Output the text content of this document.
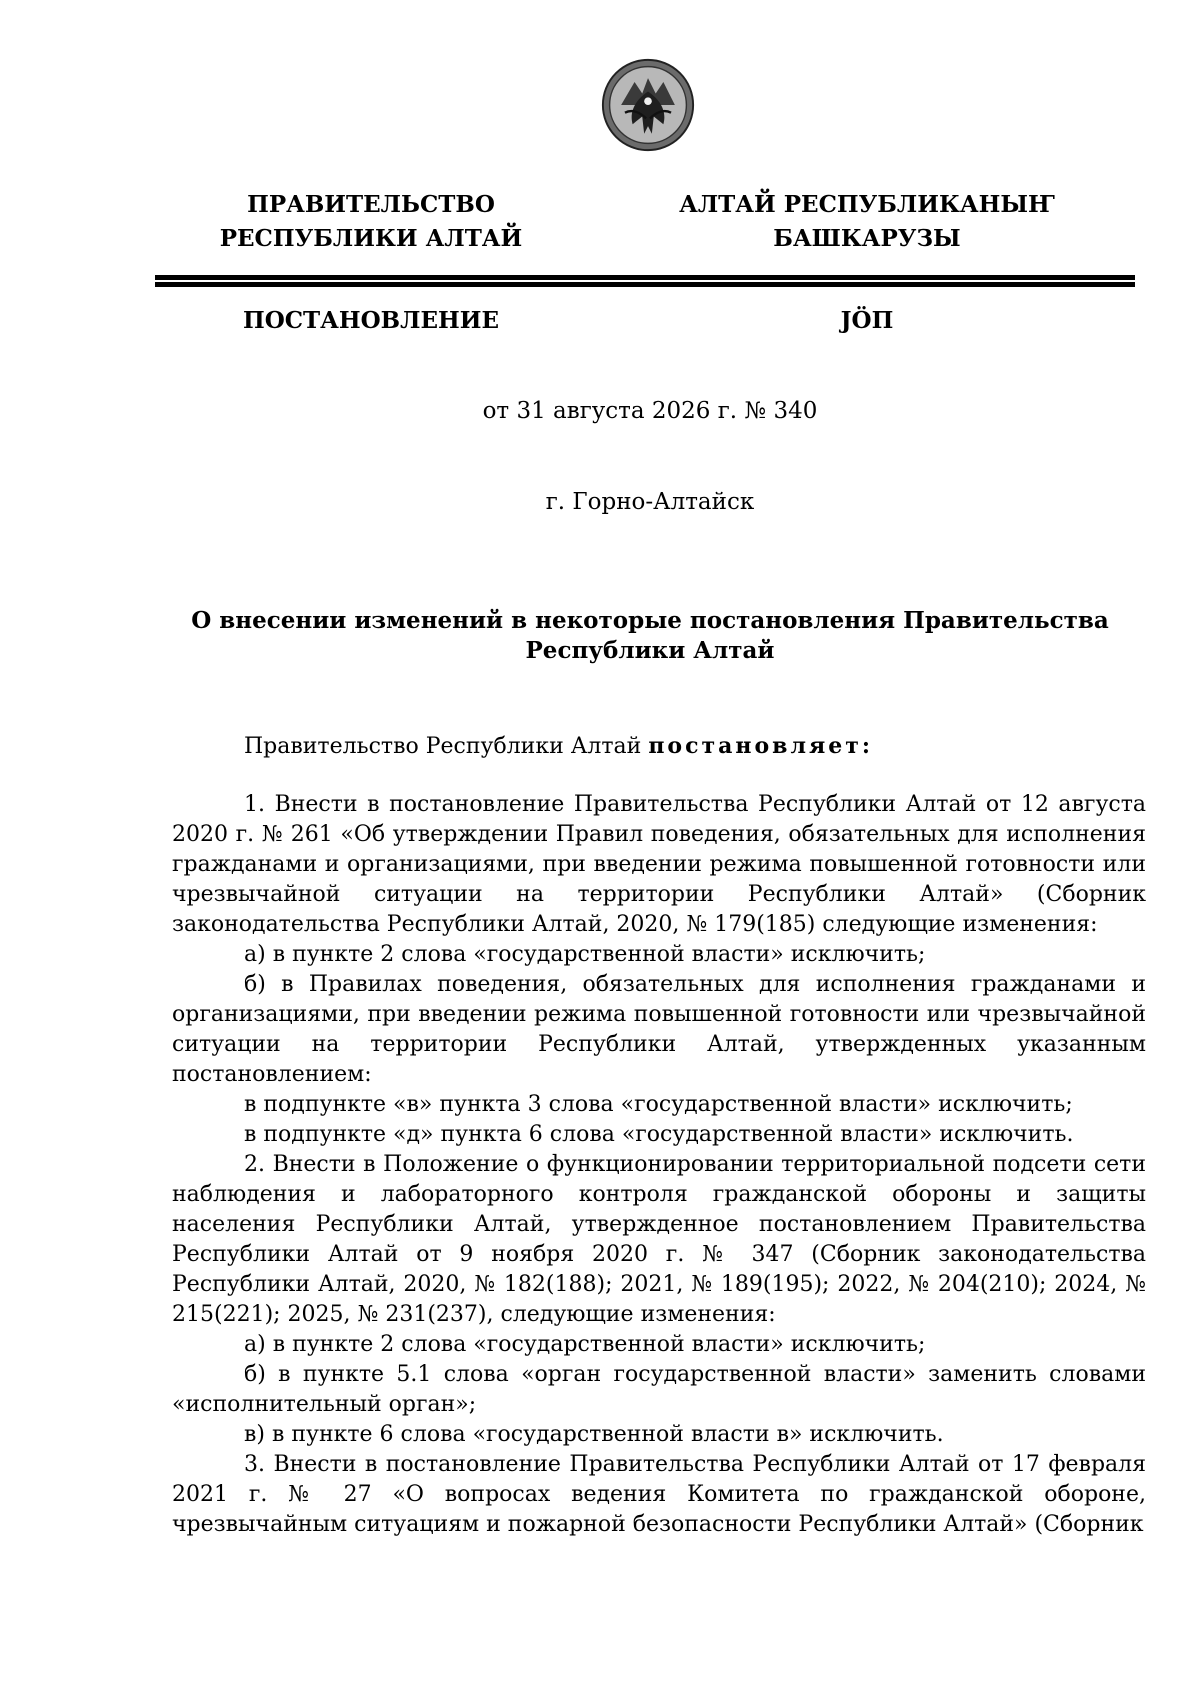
ПРАВИТЕЛЬСТВО
РЕСПУБЛИКИ АЛТАЙ
АЛТАЙ РЕСПУБЛИКАНЫҤ
БАШКАРУЗЫ
ПОСТАНОВЛЕНИЕ	ЈÖП
от 31 августа 2026 г. № 340
г. Горно-Алтайск
О внесении изменений в некоторые постановления Правительства
Республики Алтай

Правительство Республики Алтай постановляет:

1. Внести в постановление Правительства Республики Алтай от 12 августа 2020 г. № 261 «Об утверждении Правил поведения, обязательных для исполнения гражданами и организациями, при введении режима повышенной готовности или чрезвычайной ситуации на территории Республики Алтай» (Сборник законодательства Республики Алтай, 2020, № 179(185) следующие изменения:

а) в пункте 2 слова «государственной власти» исключить;

б) в Правилах поведения, обязательных для исполнения гражданами и организациями, при введении режима повышенной готовности или чрезвычайной ситуации на территории Республики Алтай, утвержденных указанным постановлением:

в подпункте «в» пункта 3 слова «государственной власти» исключить;

в подпункте «д» пункта 6 слова «государственной власти» исключить.

2. Внести в Положение о функционировании территориальной подсети сети наблюдения и лабораторного контроля гражданской обороны и защиты населения Республики Алтай, утвержденное постановлением Правительства Республики Алтай от 9 ноября 2020 г. № 347 (Сборник законодательства Республики Алтай, 2020, № 182(188); 2021, № 189(195); 2022, № 204(210); 2024, № 215(221); 2025, № 231(237), следующие изменения:

а) в пункте 2 слова «государственной власти» исключить;

б) в пункте 5.1 слова «орган государственной власти» заменить словами «исполнительный орган»;

в) в пункте 6 слова «государственной власти в» исключить.

3. Внести в постановление Правительства Республики Алтай от 17 февраля 2021 г. № 27 «О вопросах ведения Комитета по гражданской обороне, чрезвычайным ситуациям и пожарной безопасности Республики Алтай» (Сборник
